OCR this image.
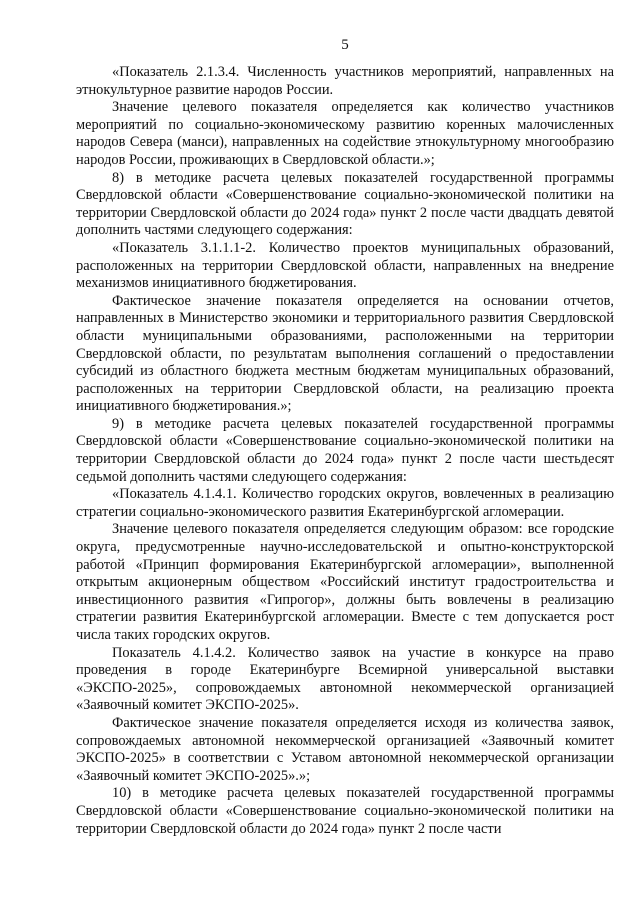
5

«Показатель 2.1.3.4. Численность участников мероприятий, направленных на этнокультурное развитие народов России.

Значение целевого показателя определяется как количество участников мероприятий по социально-экономическому развитию коренных малочисленных народов Севера (манси), направленных на содействие этнокультурному многообразию народов России, проживающих в Свердловской области.»;

8) в методике расчета целевых показателей государственной программы Свердловской области «Совершенствование социально-экономической политики на территории Свердловской области до 2024 года» пункт 2 после части двадцать девятой дополнить частями следующего содержания:

«Показатель 3.1.1.1-2. Количество проектов муниципальных образований, расположенных на территории Свердловской области, направленных на внедрение механизмов инициативного бюджетирования.

Фактическое значение показателя определяется на основании отчетов, направленных в Министерство экономики и территориального развития Свердловской области муниципальными образованиями, расположенными на территории Свердловской области, по результатам выполнения соглашений о предоставлении субсидий из областного бюджета местным бюджетам муниципальных образований, расположенных на территории Свердловской области, на реализацию проекта инициативного бюджетирования.»;

9) в методике расчета целевых показателей государственной программы Свердловской области «Совершенствование социально-экономической политики на территории Свердловской области до 2024 года» пункт 2 после части шестьдесят седьмой дополнить частями следующего содержания:

«Показатель 4.1.4.1. Количество городских округов, вовлеченных в реализацию стратегии социально-экономического развития Екатеринбургской агломерации.

Значение целевого показателя определяется следующим образом: все городские округа, предусмотренные научно-исследовательской и опытно-конструкторской работой «Принцип формирования Екатеринбургской агломерации», выполненной открытым акционерным обществом «Российский институт градостроительства и инвестиционного развития «Гипрогор», должны быть вовлечены в реализацию стратегии развития Екатеринбургской агломерации. Вместе с тем допускается рост числа таких городских округов.

Показатель 4.1.4.2. Количество заявок на участие в конкурсе на право проведения в городе Екатеринбурге Всемирной универсальной выставки «ЭКСПО-2025», сопровождаемых автономной некоммерческой организацией «Заявочный комитет ЭКСПО-2025».

Фактическое значение показателя определяется исходя из количества заявок, сопровождаемых автономной некоммерческой организацией «Заявочный комитет ЭКСПО-2025» в соответствии с Уставом автономной некоммерческой организации «Заявочный комитет ЭКСПО-2025».»;

10) в методике расчета целевых показателей государственной программы Свердловской области «Совершенствование социально-экономической политики на территории Свердловской области до 2024 года» пункт 2 после части
